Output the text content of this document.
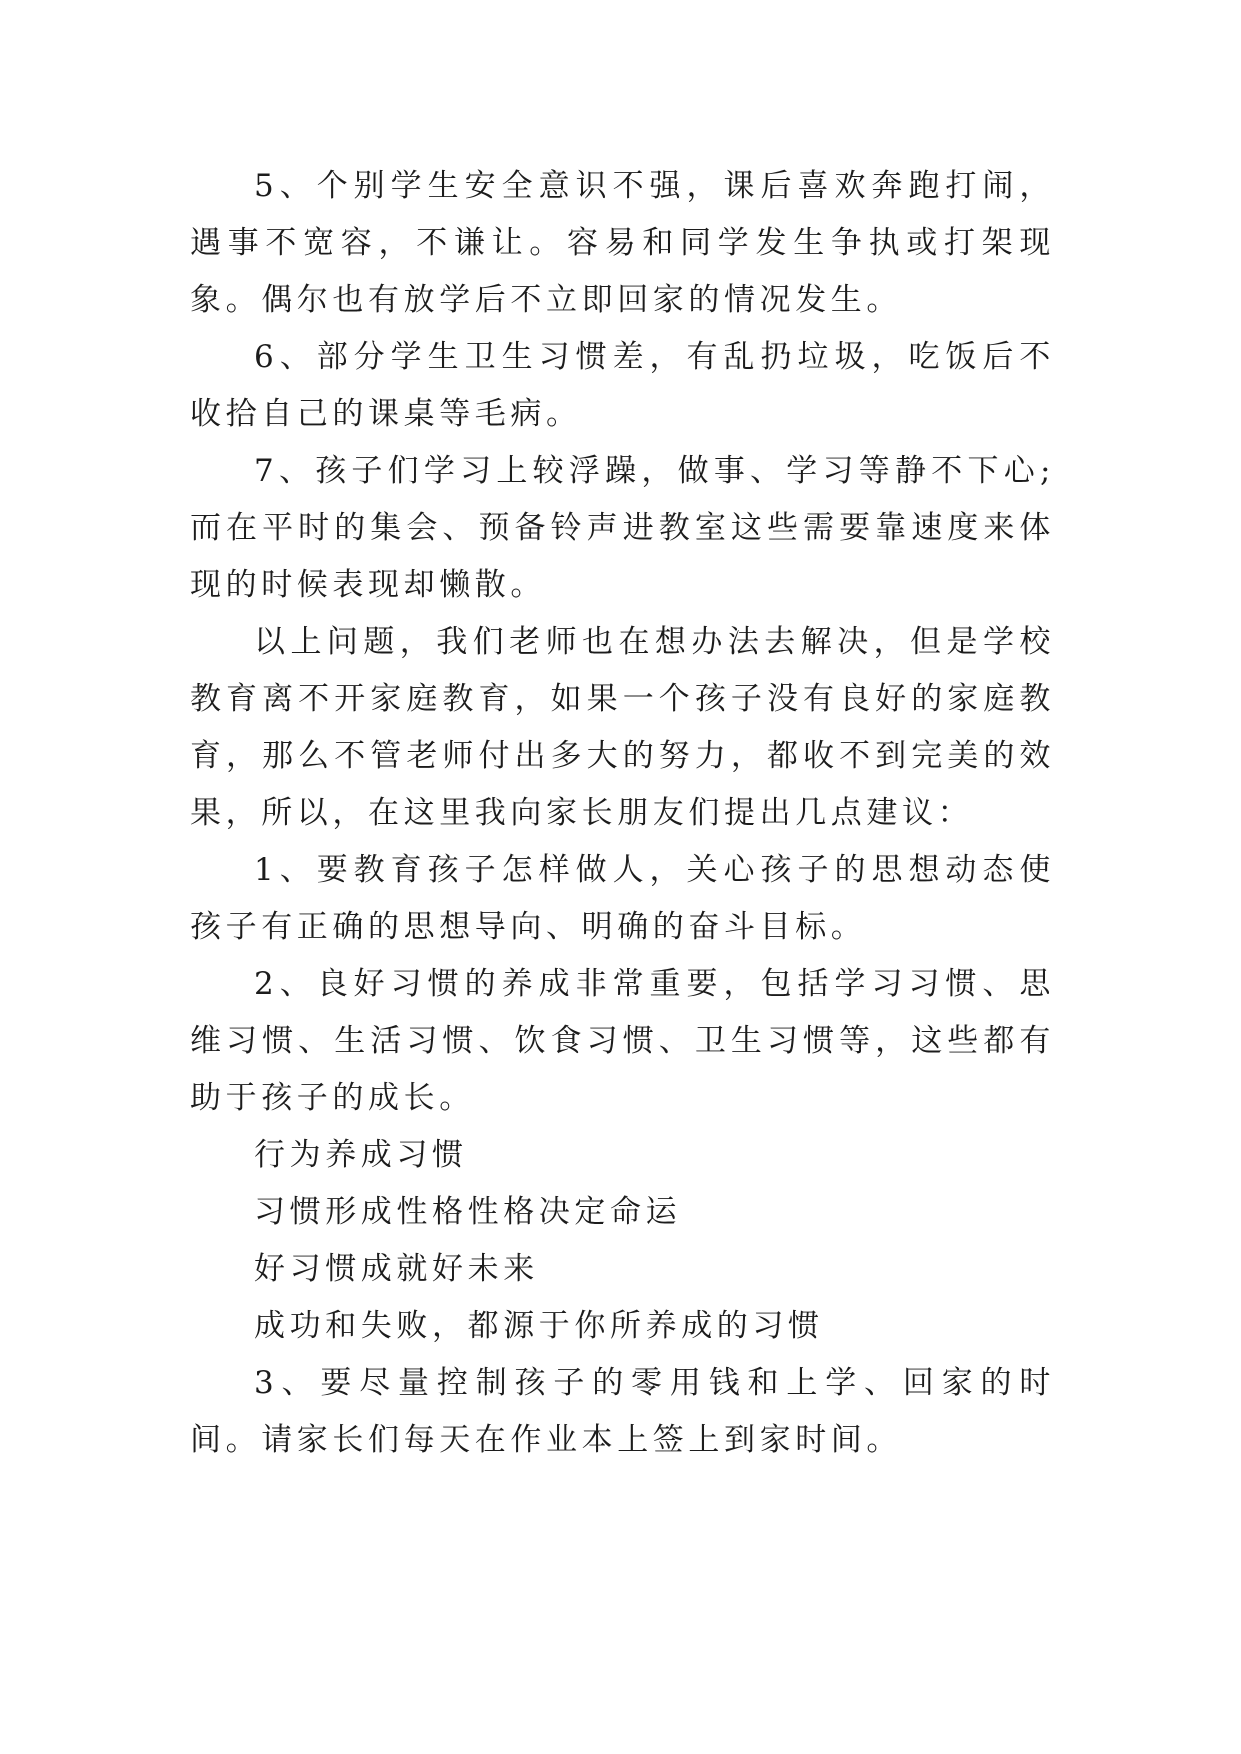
5、个别学生安全意识不强，课后喜欢奔跑打闹，遇事不宽容，不谦让。容易和同学发生争执或打架现象。偶尔也有放学后不立即回家的情况发生。

6、部分学生卫生习惯差，有乱扔垃圾，吃饭后不收拾自己的课桌等毛病。

7、孩子们学习上较浮躁，做事、学习等静不下心;而在平时的集会、预备铃声进教室这些需要靠速度来体现的时候表现却懒散。

以上问题，我们老师也在想办法去解决，但是学校教育离不开家庭教育，如果一个孩子没有良好的家庭教育，那么不管老师付出多大的努力，都收不到完美的效果，所以，在这里我向家长朋友们提出几点建议：

1、要教育孩子怎样做人，关心孩子的思想动态使孩子有正确的思想导向、明确的奋斗目标。

2、良好习惯的养成非常重要，包括学习习惯、思维习惯、生活习惯、饮食习惯、卫生习惯等，这些都有助于孩子的成长。

行为养成习惯

习惯形成性格性格决定命运

好习惯成就好未来

成功和失败，都源于你所养成的习惯

3、要尽量控制孩子的零用钱和上学、回家的时间。请家长们每天在作业本上签上到家时间。
